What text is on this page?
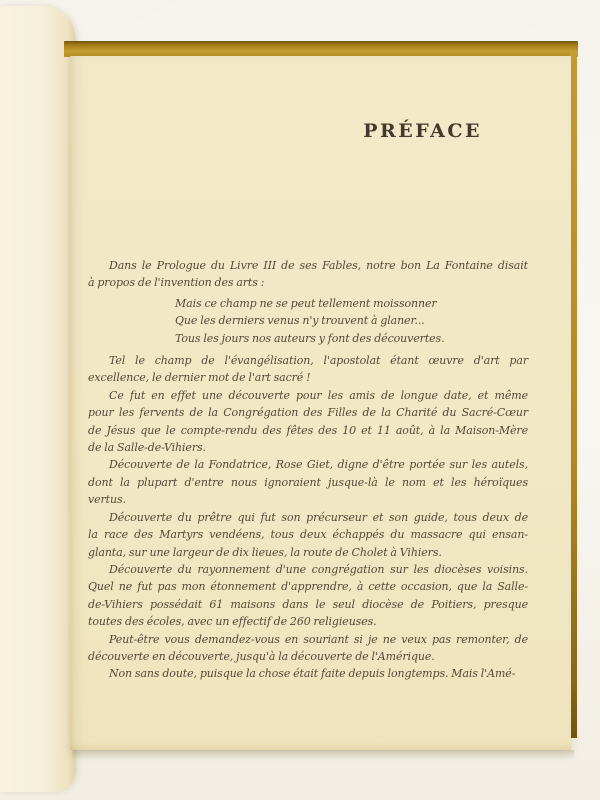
PRÉFACE
Dans le Prologue du Livre III de ses Fables, notre bon La Fontaine disait
à propos de l'invention des arts :
Mais ce champ ne se peut tellement moissonner
Que les derniers venus n'y trouvent à glaner...
Tous les jours nos auteurs y font des découvertes.
Tel le champ de l'évangélisation, l'apostolat étant œuvre d'art par
excellence, le dernier mot de l'art sacré !
Ce fut en effet une découverte pour les amis de longue date, et même
pour les fervents de la Congrégation des Filles de la Charité du Sacré-Cœur
de Jésus que le compte-rendu des fêtes des 10 et 11 août, à la Maison-Mère
de la Salle-de-Vihiers.
Découverte de la Fondatrice, Rose Giet, digne d'être portée sur les autels,
dont la plupart d'entre nous ignoraient jusque-là le nom et les héroïques
vertus.
Découverte du prêtre qui fut son précurseur et son guide, tous deux de
la race des Martyrs vendéens, tous deux échappés du massacre qui ensan-
glanta, sur une largeur de dix lieues, la route de Cholet à Vihiers.
Découverte du rayonnement d'une congrégation sur les diocèses voisins.
Quel ne fut pas mon étonnement d'apprendre, à cette occasion, que la Salle-
de-Vihiers possédait 61 maisons dans le seul diocèse de Poitiers, presque
toutes des écoles, avec un effectif de 260 religieuses.
Peut-être vous demandez-vous en souriant si je ne veux pas remonter, de
découverte en découverte, jusqu'à la découverte de l'Amérique.
Non sans doute, puisque la chose était faite depuis longtemps. Mais l'Amé-
